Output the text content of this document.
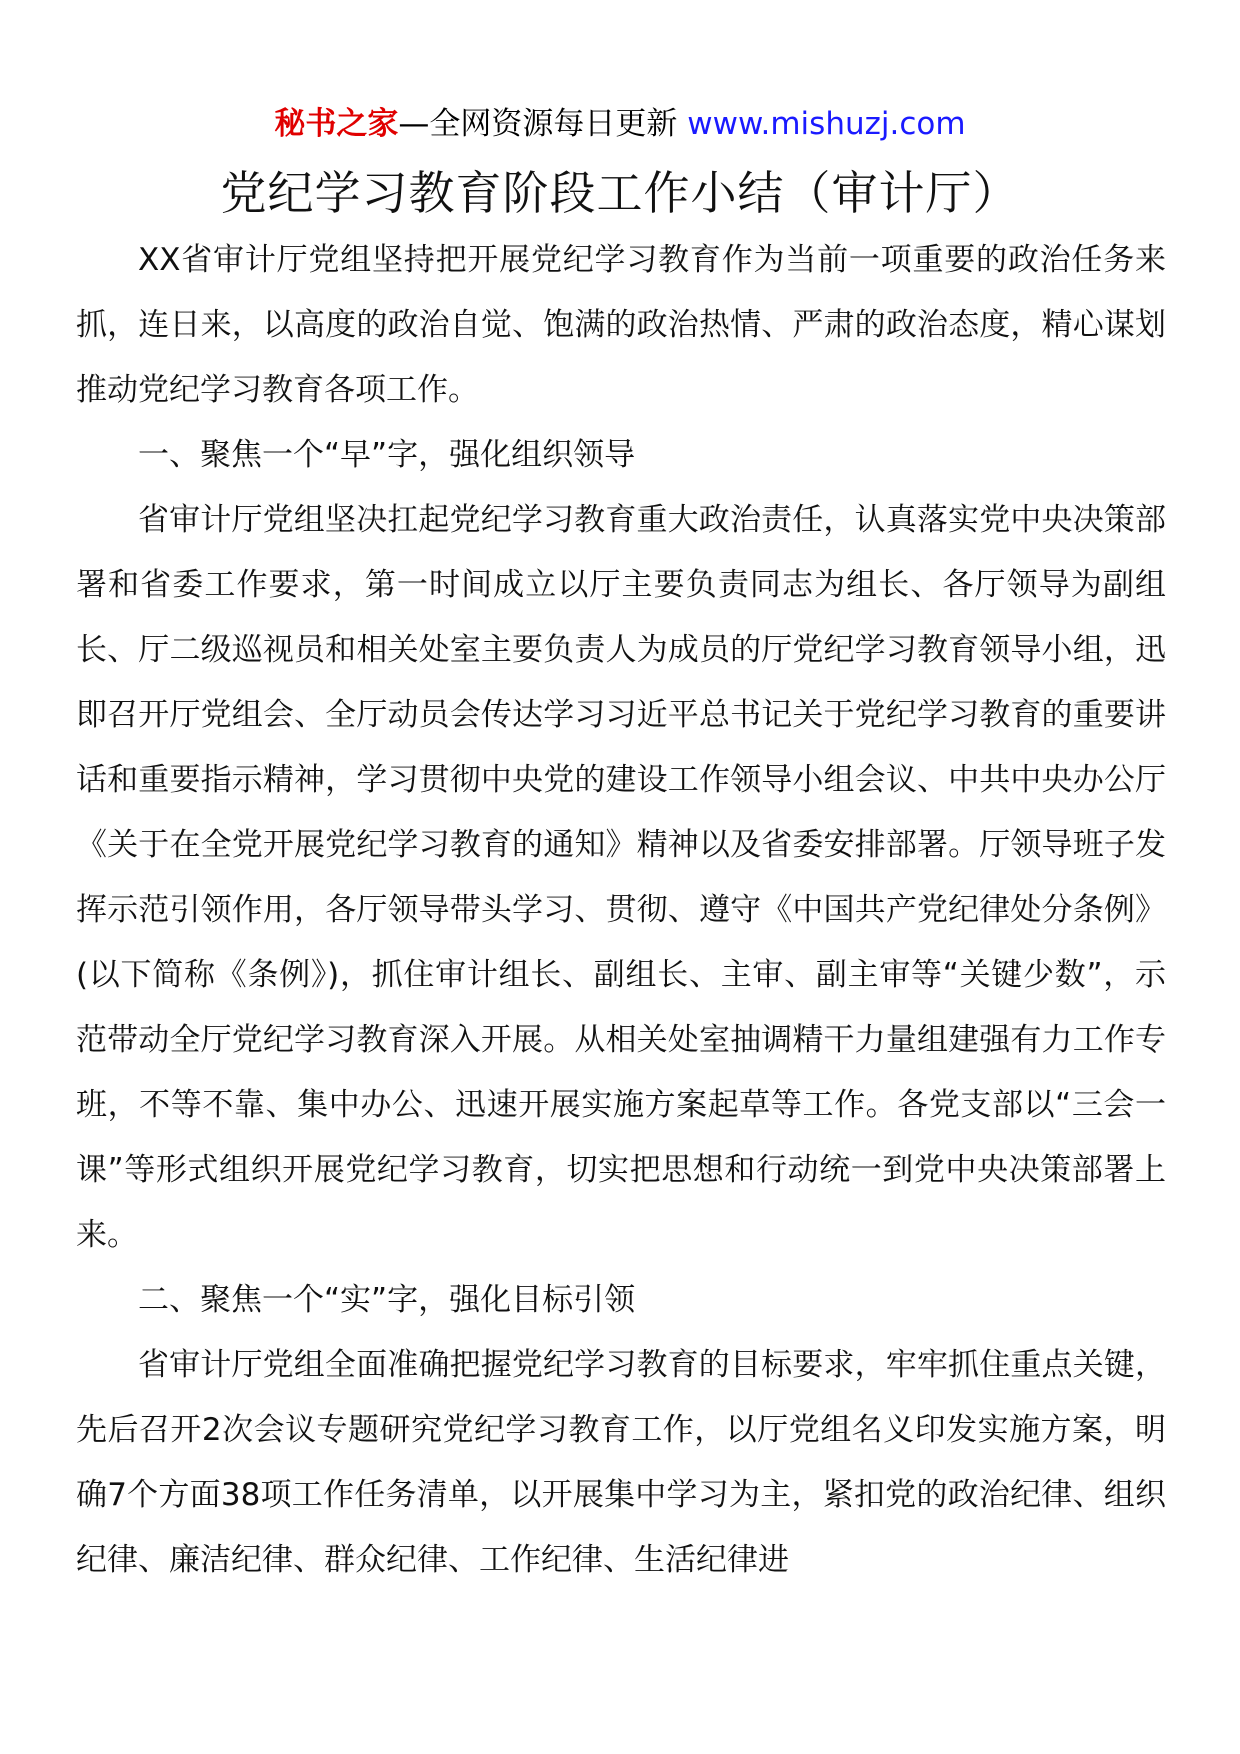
秘书之家—全网资源每日更新 www.mishuzj.com
党纪学习教育阶段工作小结（审计厅）

XX省审计厅党组坚持把开展党纪学习教育作为当前一项重要的政治任务来抓，连日来，以高度的政治自觉、饱满的政治热情、严肃的政治态度，精心谋划推动党纪学习教育各项工作。

一、聚焦一个“早”字，强化组织领导

省审计厅党组坚决扛起党纪学习教育重大政治责任，认真落实党中央决策部署和省委工作要求，第一时间成立以厅主要负责同志为组长、各厅领导为副组长、厅二级巡视员和相关处室主要负责人为成员的厅党纪学习教育领导小组，迅即召开厅党组会、全厅动员会传达学习习近平总书记关于党纪学习教育的重要讲话和重要指示精神，学习贯彻中央党的建设工作领导小组会议、中共中央办公厅《关于在全党开展党纪学习教育的通知》精神以及省委安排部署。厅领导班子发挥示范引领作用，各厅领导带头学习、贯彻、遵守《中国共产党纪律处分条例》(以下简称《条例》)，抓住审计组长、副组长、主审、副主审等“关键少数”，示范带动全厅党纪学习教育深入开展。从相关处室抽调精干力量组建强有力工作专班，不等不靠、集中办公、迅速开展实施方案起草等工作。各党支部以“三会一课”等形式组织开展党纪学习教育，切实把思想和行动统一到党中央决策部署上来。

二、聚焦一个“实”字，强化目标引领

省审计厅党组全面准确把握党纪学习教育的目标要求，牢牢抓住重点关键，先后召开2次会议专题研究党纪学习教育工作，以厅党组名义印发实施方案，明确7个方面38项工作任务清单，以开展集中学习为主，紧扣党的政治纪律、组织纪律、廉洁纪律、群众纪律、工作纪律、生活纪律进
